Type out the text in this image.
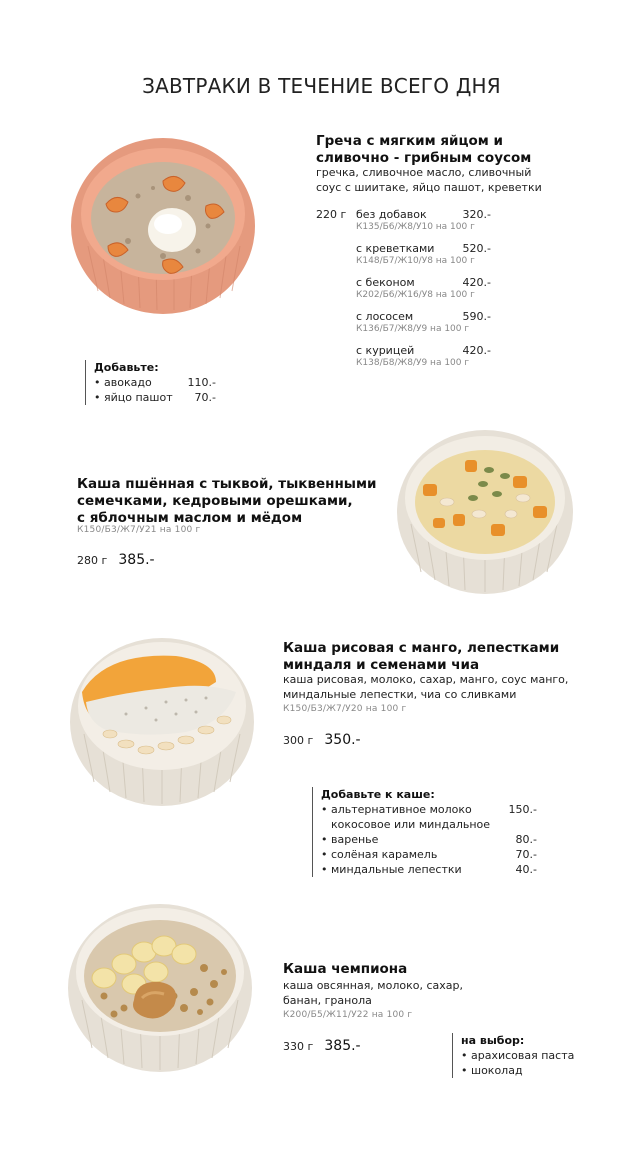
ЗАВТРАКИ В ТЕЧЕНИЕ ВСЕГО ДНЯ
Греча с мягким яйцом и
сливочно - грибным соусом
гречка, сливочное масло, сливочный
соус с шиитаке, яйцо пашот, креветки
220 г без добавок	320.-
К135/Б6/Ж8/У10 на 100 г
с креветками	520.-
К148/Б7/Ж10/У8 на 100 г
с беконом	420.-
К202/Б6/Ж16/У8 на 100 г
с лососем	590.-
К136/Б7/Ж8/У9 на 100 г
с курицей	420.-
К138/Б8/Ж8/У9 на 100 г
Добавьте:
• авокадо	110.-
• яйцо пашот 70.-
Каша пшённая с тыквой, тыквенными
семечками, кедровыми орешками,
с яблочным маслом и мёдом
К150/Б3/Ж7/У21 на 100 г
280 г 385.-
Каша рисовая с манго, лепестками
миндаля и семенами чиа
каша рисовая, молоко, сахар, манго, соус манго,
миндальные лепестки, чиа со сливками
К150/Б3/Ж7/У20 на 100 г
300 г 350.-
Добавьте к каше:
• альтернативное молоко	150.-
кокосовое или миндальное
• варенье	80.-
• солёная карамель	70.-
• миндальные лепестки	40.-
Каша чемпиона
каша овсянная, молоко, сахар,
банан, гранола
К200/Б5/Ж11/У22 на 100 г
330 г 385.-	на выбор:
• арахисовая паста
• шоколад
